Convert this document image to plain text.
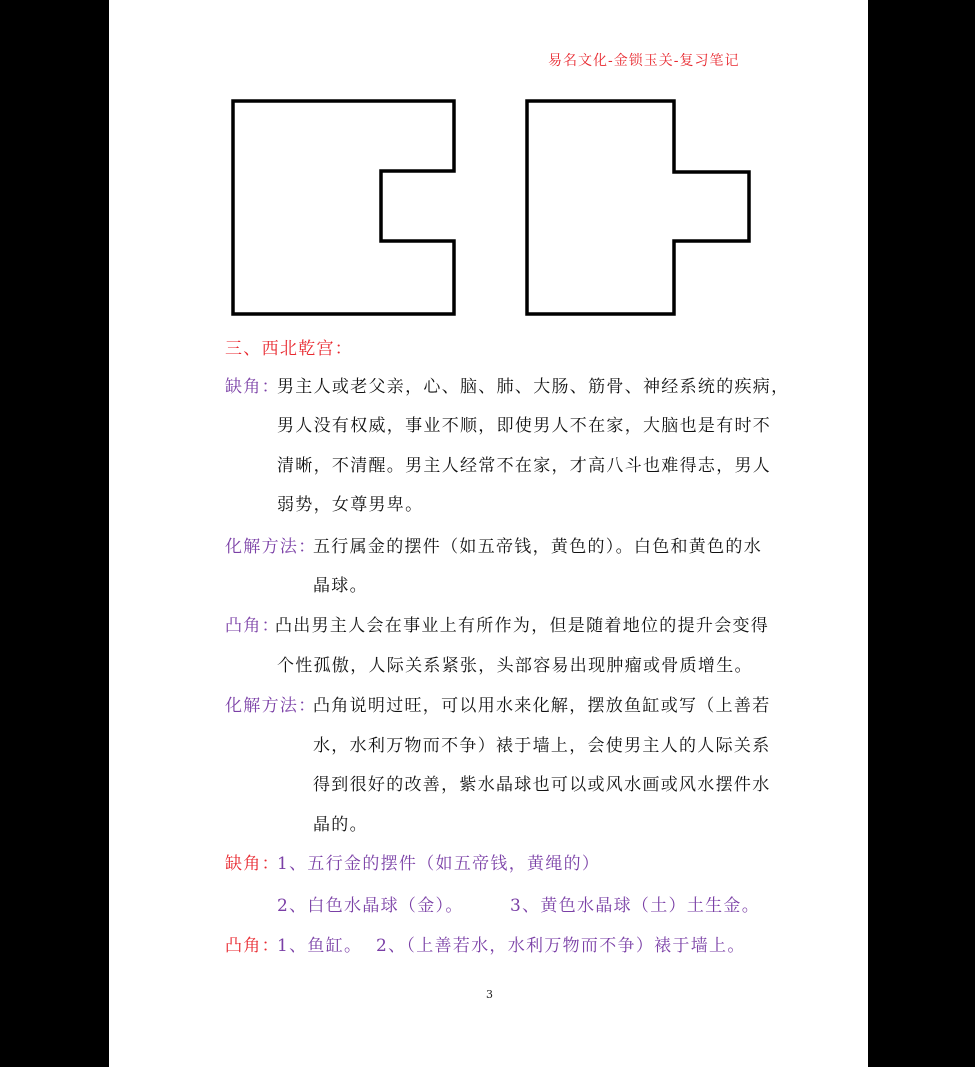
易名文化-金锁玉关-复习笔记
三、西北乾宫：
缺角：
男主人或老父亲，心、脑、肺、大肠、筋骨、神经系统的疾病，
男人没有权威，事业不顺，即使男人不在家，大脑也是有时不
清晰，不清醒。男主人经常不在家，才高八斗也难得志，男人
弱势，女尊男卑。
化解方法：
五行属金的摆件（如五帝钱，黄色的）。白色和黄色的水
晶球。
凸角：
凸出男主人会在事业上有所作为，但是随着地位的提升会变得
个性孤傲，人际关系紧张，头部容易出现肿瘤或骨质增生。
化解方法：
凸角说明过旺，可以用水来化解，摆放鱼缸或写（上善若
水，水利万物而不争）裱于墙上，会使男主人的人际关系
得到很好的改善，紫水晶球也可以或风水画或风水摆件水
晶的。
缺角：
1、五行金的摆件（如五帝钱，黄绳的）
2、白色水晶球（金）。	3、黄色水晶球（土）土生金。
凸角：
1、鱼缸。 2、（上善若水，水利万物而不争）裱于墙上。
3
